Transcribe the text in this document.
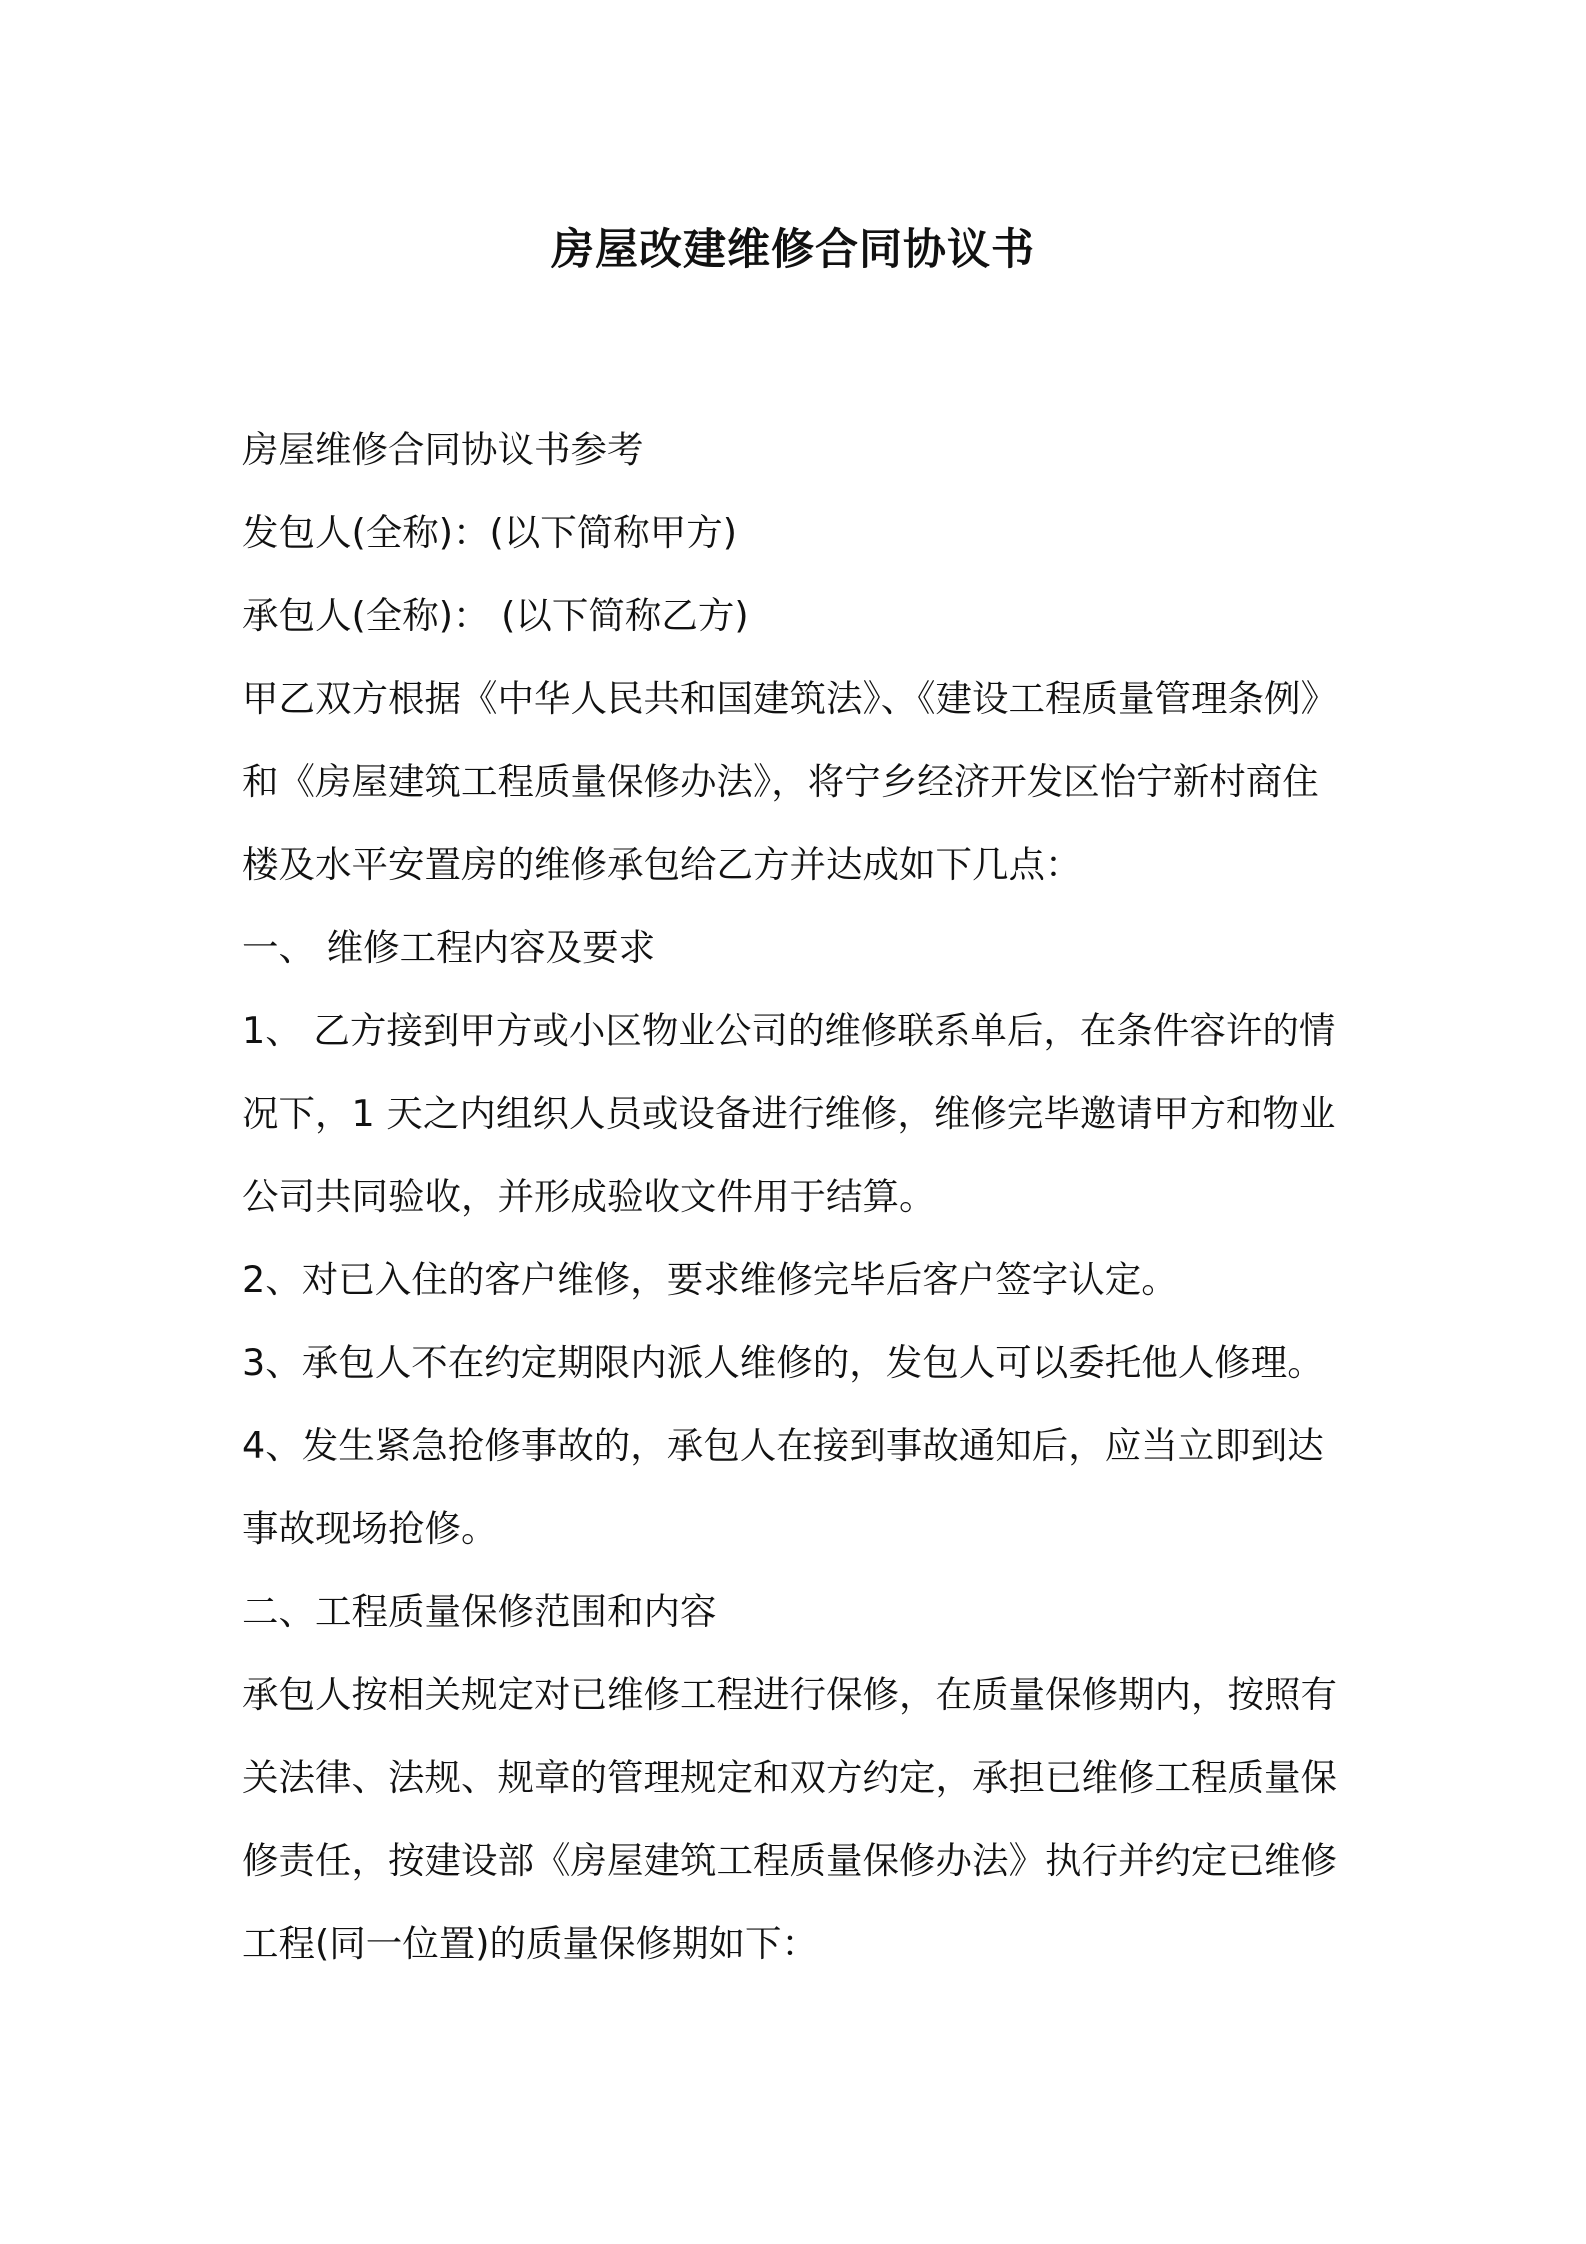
房屋改建维修合同协议书

房屋维修合同协议书参考

发包人(全称)：(以下简称甲方)

承包人(全称)： (以下简称乙方)

甲乙双方根据《中华人民共和国建筑法》、《建设工程质量管理条例》

和《房屋建筑工程质量保修办法》，将宁乡经济开发区怡宁新村商住

楼及水平安置房的维修承包给乙方并达成如下几点：

一、 维修工程内容及要求

1、 乙方接到甲方或小区物业公司的维修联系单后，在条件容许的情

况下，1 天之内组织人员或设备进行维修，维修完毕邀请甲方和物业

公司共同验收，并形成验收文件用于结算。

2、对已入住的客户维修，要求维修完毕后客户签字认定。

3、承包人不在约定期限内派人维修的，发包人可以委托他人修理。

4、发生紧急抢修事故的，承包人在接到事故通知后，应当立即到达

事故现场抢修。

二、工程质量保修范围和内容

承包人按相关规定对已维修工程进行保修，在质量保修期内，按照有

关法律、法规、规章的管理规定和双方约定，承担已维修工程质量保

修责任，按建设部《房屋建筑工程质量保修办法》执行并约定已维修

工程(同一位置)的质量保修期如下：
